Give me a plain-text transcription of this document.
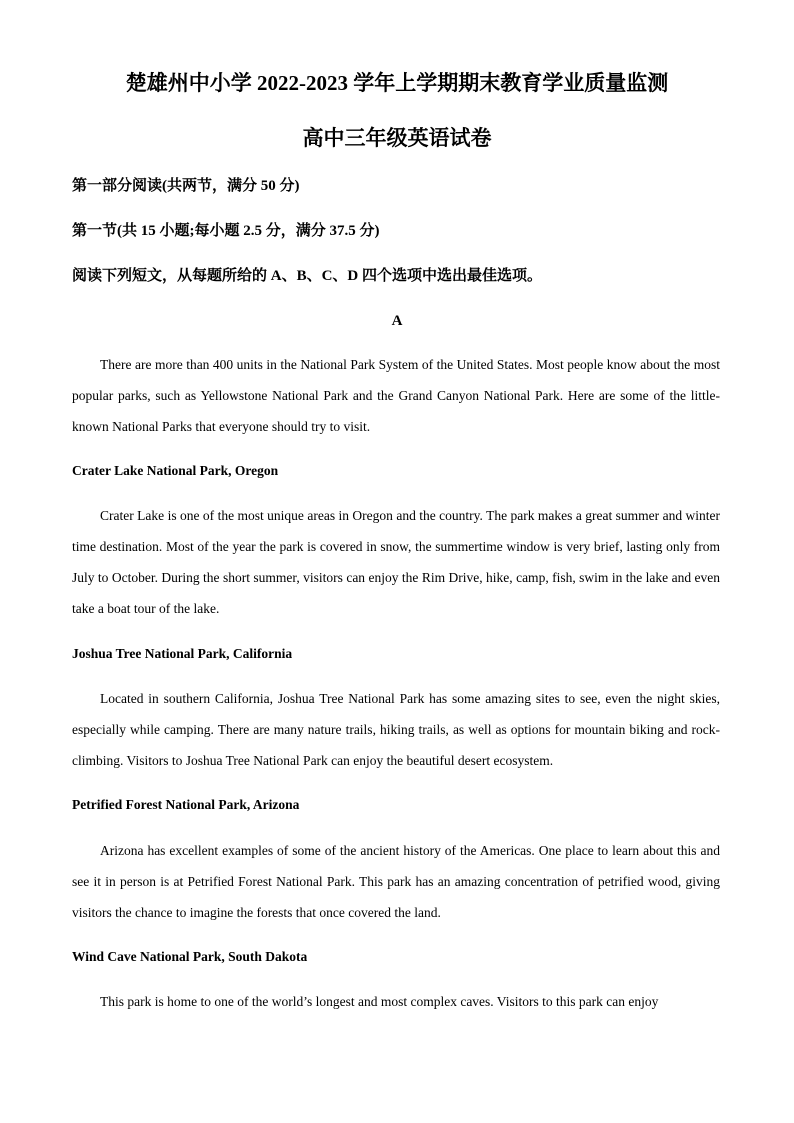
楚雄州中小学 2022-2023 学年上学期期末教育学业质量监测
高中三年级英语试卷
第一部分阅读(共两节，满分 50 分)
第一节(共 15 小题;每小题 2.5 分，满分 37.5 分)
阅读下列短文，从每题所给的 A、B、C、D 四个选项中选出最佳选项。
A

There are more than 400 units in the National Park System of the United States. Most people know about the most popular parks, such as Yellowstone National Park and the Grand Canyon National Park. Here are some of the little-known National Parks that everyone should try to visit.

Crater Lake National Park, Oregon

Crater Lake is one of the most unique areas in Oregon and the country. The park makes a great summer and winter time destination. Most of the year the park is covered in snow, the summertime window is very brief, lasting only from July to October. During the short summer, visitors can enjoy the Rim Drive, hike, camp, fish, swim in the lake and even take a boat tour of the lake.

Joshua Tree National Park, California

Located in southern California, Joshua Tree National Park has some amazing sites to see, even the night skies, especially while camping. There are many nature trails, hiking trails, as well as options for mountain biking and rock-climbing. Visitors to Joshua Tree National Park can enjoy the beautiful desert ecosystem.

Petrified Forest National Park, Arizona

Arizona has excellent examples of some of the ancient history of the Americas. One place to learn about this and see it in person is at Petrified Forest National Park. This park has an amazing concentration of petrified wood, giving visitors the chance to imagine the forests that once covered the land.

Wind Cave National Park, South Dakota

This park is home to one of the world’s longest and most complex caves. Visitors to this park can enjoy
